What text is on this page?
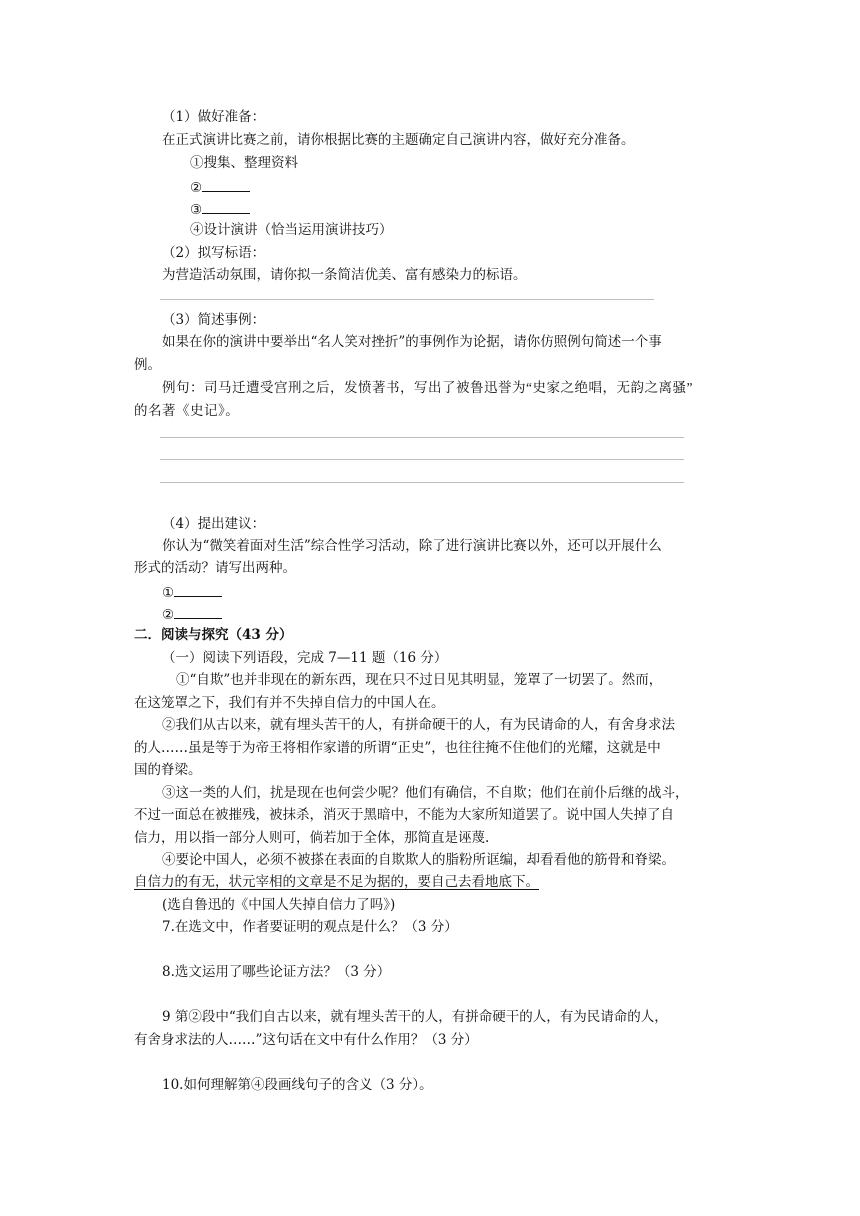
（1）做好准备：
在正式演讲比赛之前，请你根据比赛的主题确定自己演讲内容，做好充分准备。
①搜集、整理资料
②
③
④设计演讲（恰当运用演讲技巧）
（2）拟写标语：
为营造活动氛围，请你拟一条简洁优美、富有感染力的标语。
（3）简述事例：
如果在你的演讲中要举出“名人笑对挫折”的事例作为论据，请你仿照例句简述一个事
例。
例句：司马迁遭受宫刑之后，发愤著书，写出了被鲁迅誉为“史家之绝唱，无韵之离骚”
的名著《史记》。
（4）提出建议：
你认为“微笑着面对生活”综合性学习活动，除了进行演讲比赛以外，还可以开展什么
形式的活动？请写出两种。
①
②
二．阅读与探究（43 分）
（一）阅读下列语段，完成 7—11 题（16 分）
①“自欺”也并非现在的新东西，现在只不过日见其明显，笼罩了一切罢了。然而，
在这笼罩之下，我们有并不失掉自信力的中国人在。
②我们从古以来，就有埋头苦干的人，有拼命硬干的人，有为民请命的人，有舍身求法
的人……虽是等于为帝王将相作家谱的所谓“正史”，也往往掩不住他们的光耀，这就是中
国的脊梁。
③这一类的人们，扰是现在也何尝少呢？他们有确信，不自欺；他们在前仆后继的战斗，
不过一面总在被摧残，被抹杀，消灭于黑暗中，不能为大家所知道罢了。说中国人失掉了自
信力，用以指一部分人则可，倘若加于全体，那简直是诬蔑.
④要论中国人，必须不被搽在表面的自欺欺人的脂粉所诓编，却看看他的筋骨和脊梁。
自信力的有无，状元宰相的文章是不足为据的，要自己去看地底下。
(选自鲁迅的《中国人失掉自信力了吗》)
7.在选文中，作者要证明的观点是什么？（3 分）
8.选文运用了哪些论证方法？（3 分）
9 第②段中“我们自古以来，就有埋头苦干的人，有拼命硬干的人，有为民请命的人，
有舍身求法的人……”这句话在文中有什么作用？（3 分）
10.如何理解第④段画线句子的含义（3 分）。
